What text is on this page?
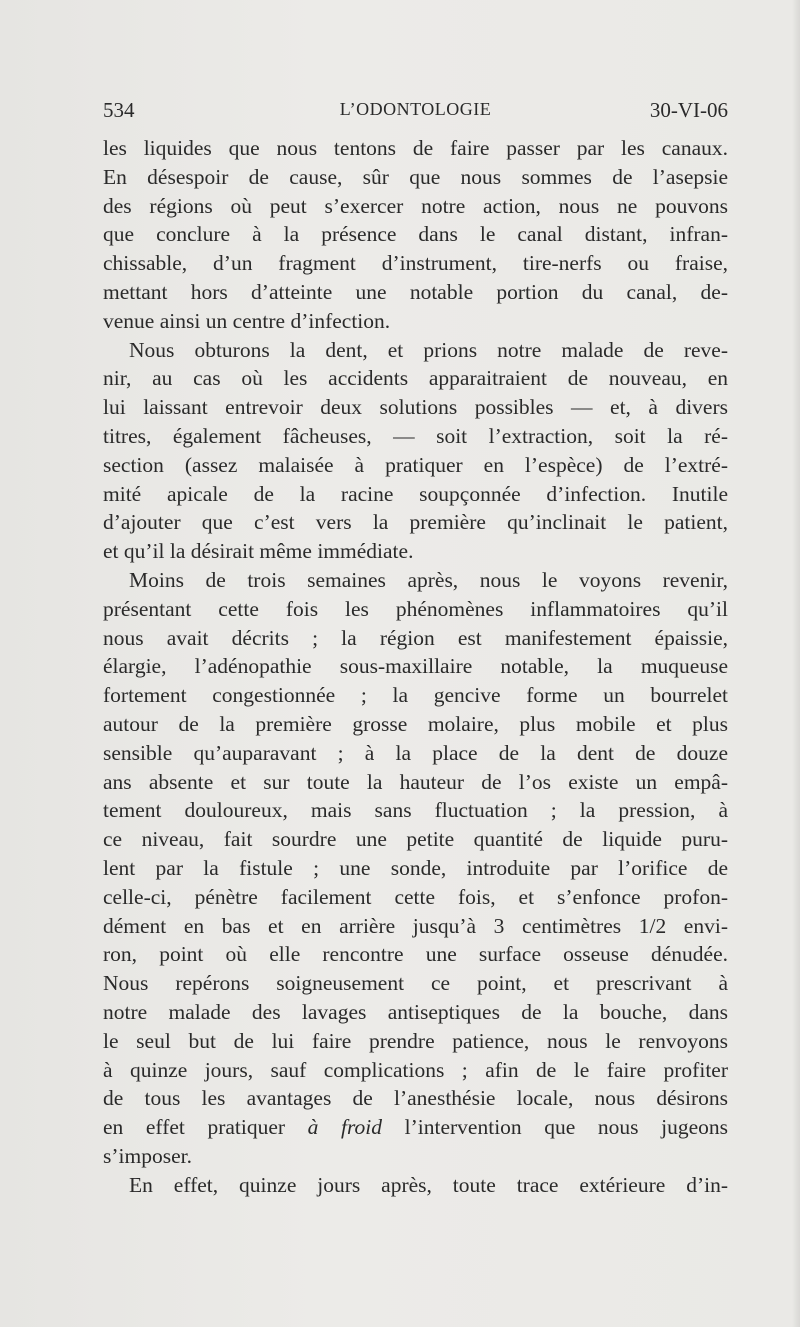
534	L’ODONTOLOGIE	30-VI-06
les liquides que nous tentons de faire passer par les canaux.
En désespoir de cause, sûr que nous sommes de l’asepsie
des régions où peut s’exercer notre action, nous ne pouvons
que conclure à la présence dans le canal distant, infran-
chissable, d’un fragment d’instrument, tire-nerfs ou fraise,
mettant hors d’atteinte une notable portion du canal, de-
venue ainsi un centre d’infection.
Nous obturons la dent, et prions notre malade de reve-
nir, au cas où les accidents apparaitraient de nouveau, en
lui laissant entrevoir deux solutions possibles — et, à divers
titres, également fâcheuses, — soit l’extraction, soit la ré-
section (assez malaisée à pratiquer en l’espèce) de l’extré-
mité apicale de la racine soupçonnée d’infection. Inutile
d’ajouter que c’est vers la première qu’inclinait le patient,
et qu’il la désirait même immédiate.
Moins de trois semaines après, nous le voyons revenir,
présentant cette fois les phénomènes inflammatoires qu’il
nous avait décrits ; la région est manifestement épaissie,
élargie, l’adénopathie sous-maxillaire notable, la muqueuse
fortement congestionnée ; la gencive forme un bourrelet
autour de la première grosse molaire, plus mobile et plus
sensible qu’auparavant ; à la place de la dent de douze
ans absente et sur toute la hauteur de l’os existe un empâ-
tement douloureux, mais sans fluctuation ; la pression, à
ce niveau, fait sourdre une petite quantité de liquide puru-
lent par la fistule ; une sonde, introduite par l’orifice de
celle-ci, pénètre facilement cette fois, et s’enfonce profon-
dément en bas et en arrière jusqu’à 3 centimètres 1/2 envi-
ron, point où elle rencontre une surface osseuse dénudée.
Nous repérons soigneusement ce point, et prescrivant à
notre malade des lavages antiseptiques de la bouche, dans
le seul but de lui faire prendre patience, nous le renvoyons
à quinze jours, sauf complications ; afin de le faire profiter
de tous les avantages de l’anesthésie locale, nous désirons
en effet pratiquer à froid l’intervention que nous jugeons
s’imposer.
En effet, quinze jours après, toute trace extérieure d’in-
